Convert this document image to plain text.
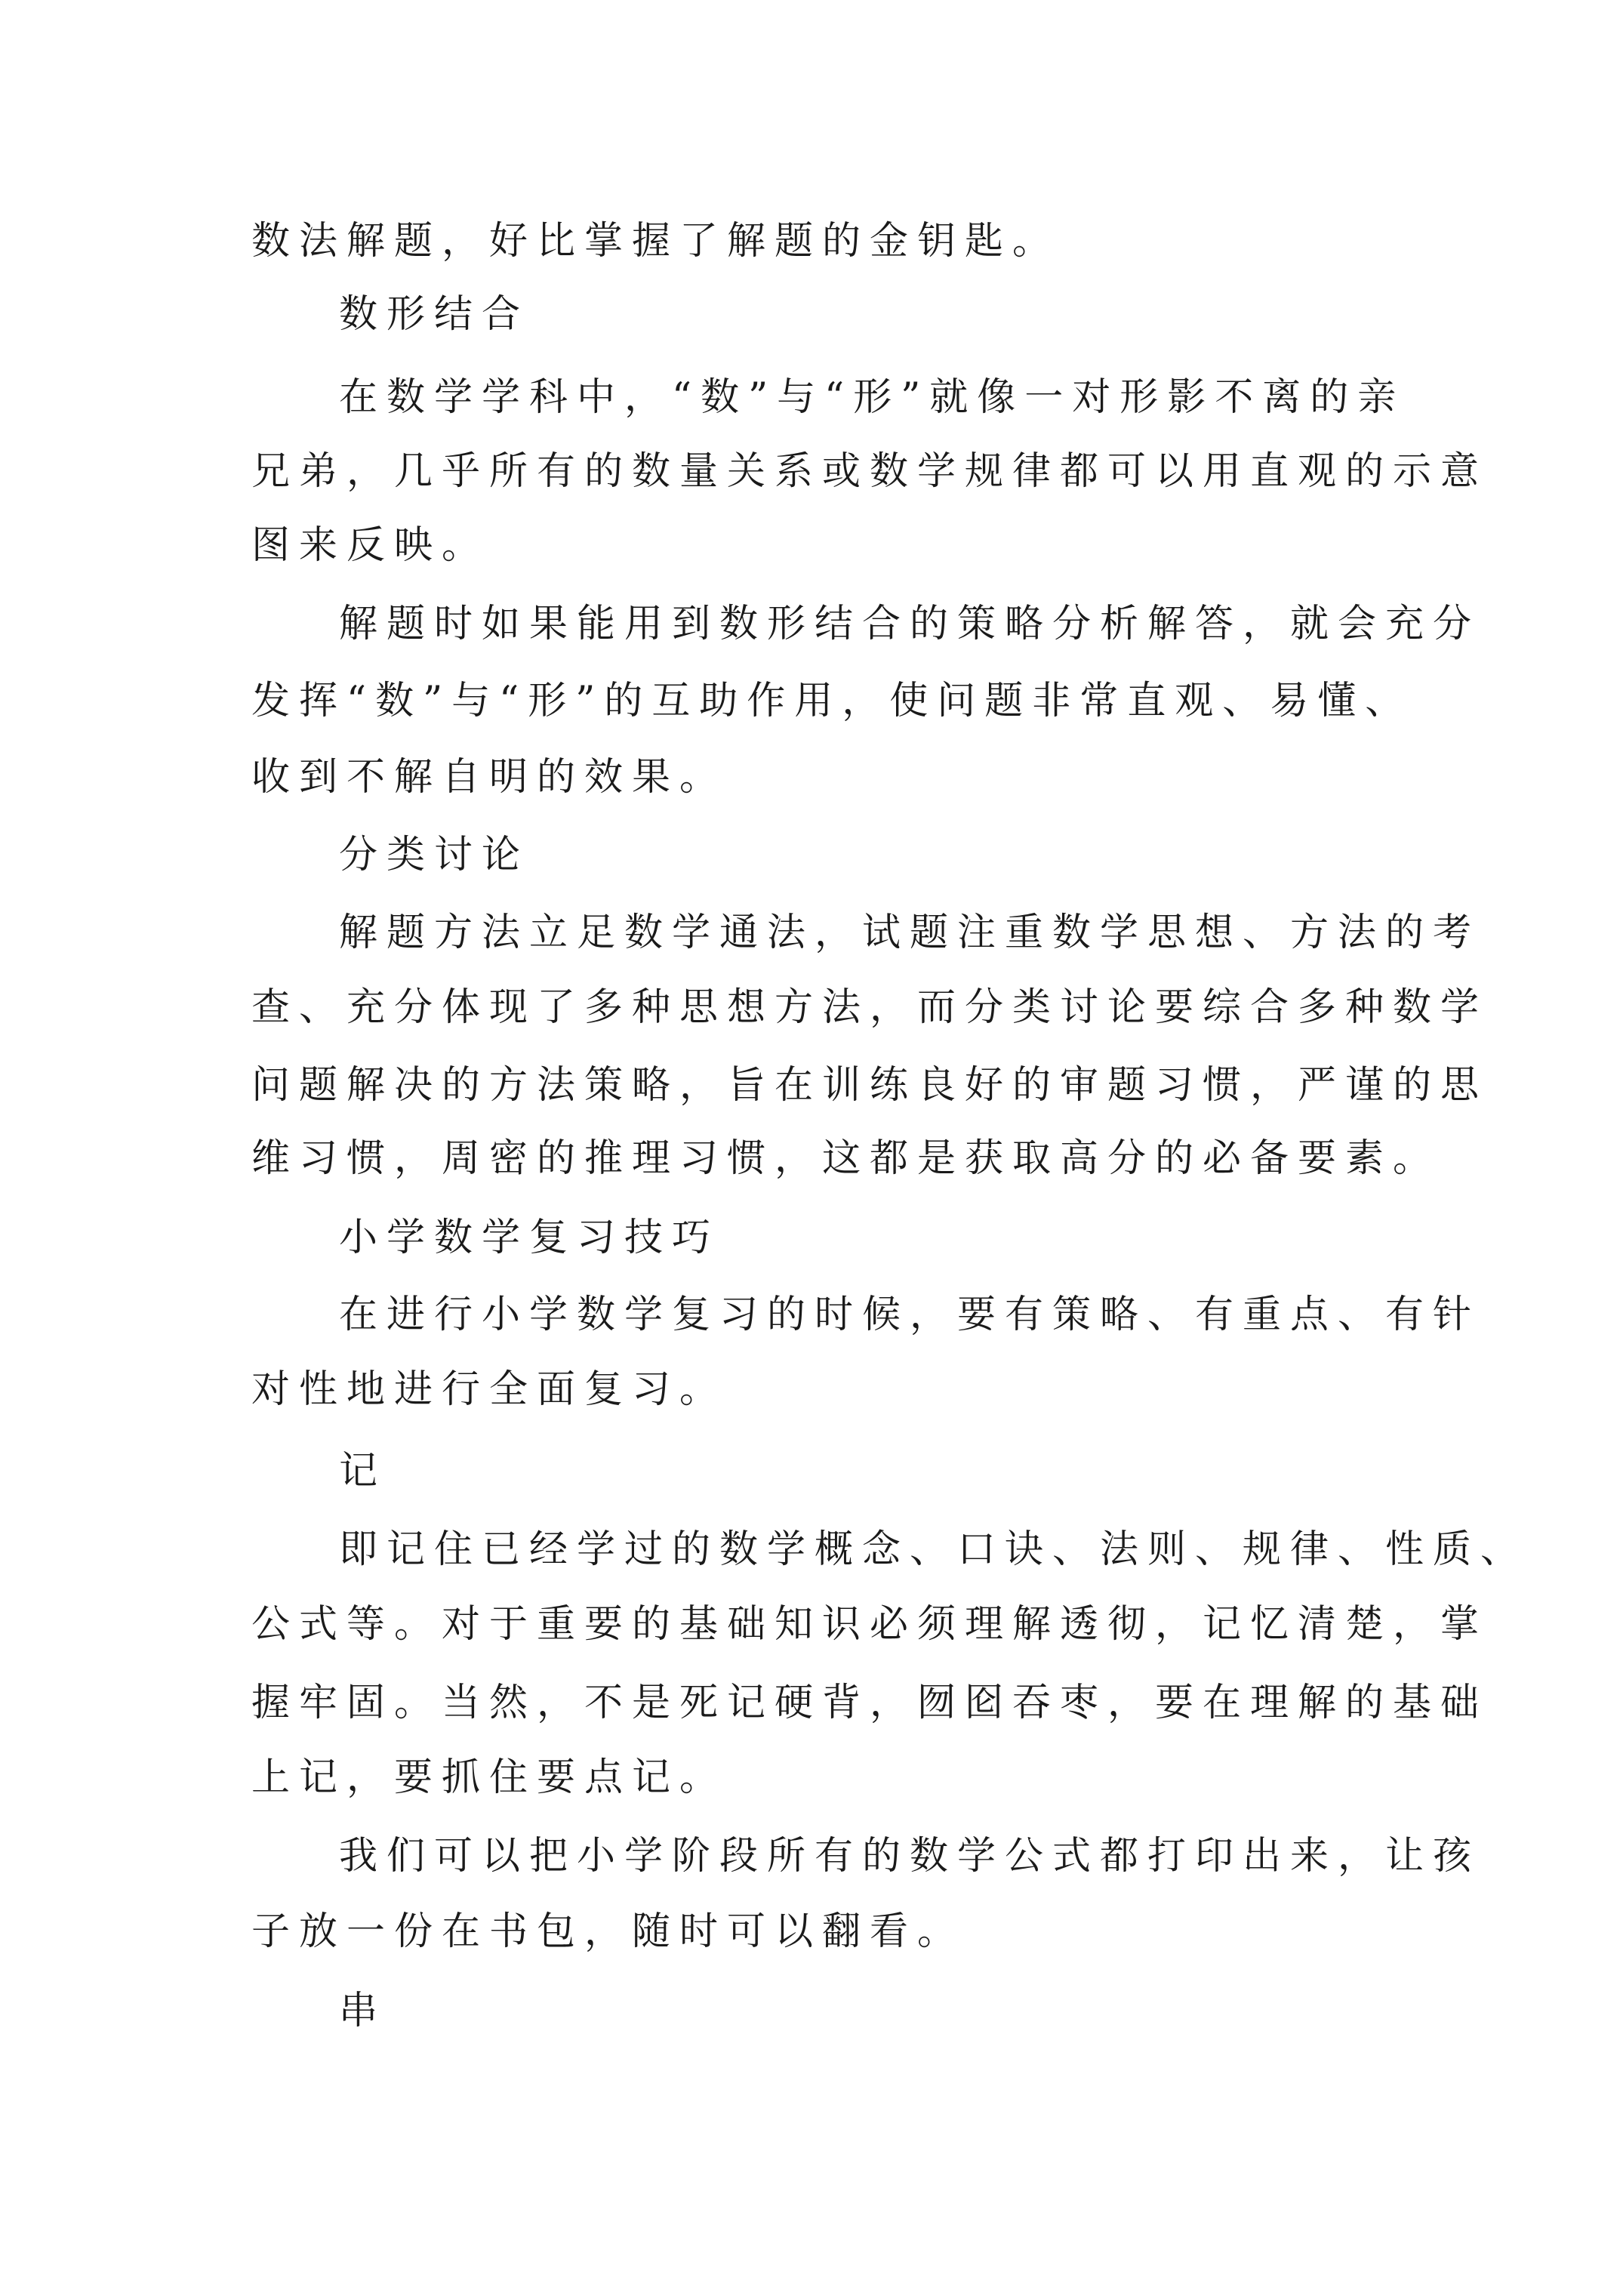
数法解题，好比掌握了解题的金钥匙。

数形结合

在数学学科中，“数”与“形”就像一对形影不离的亲

兄弟，几乎所有的数量关系或数学规律都可以用直观的示意

图来反映。

解题时如果能用到数形结合的策略分析解答，就会充分

发挥“数”与“形”的互助作用，使问题非常直观、易懂、

收到不解自明的效果。

分类讨论

解题方法立足数学通法，试题注重数学思想、方法的考

查、充分体现了多种思想方法，而分类讨论要综合多种数学

问题解决的方法策略，旨在训练良好的审题习惯，严谨的思

维习惯，周密的推理习惯，这都是获取高分的必备要素。

小学数学复习技巧

在进行小学数学复习的时候，要有策略、有重点、有针

对性地进行全面复习。

记

即记住已经学过的数学概念、口诀、法则、规律、性质、

公式等。对于重要的基础知识必须理解透彻，记忆清楚，掌

握牢固。当然，不是死记硬背，囫囵吞枣，要在理解的基础

上记，要抓住要点记。

我们可以把小学阶段所有的数学公式都打印出来，让孩

子放一份在书包，随时可以翻看。

串
